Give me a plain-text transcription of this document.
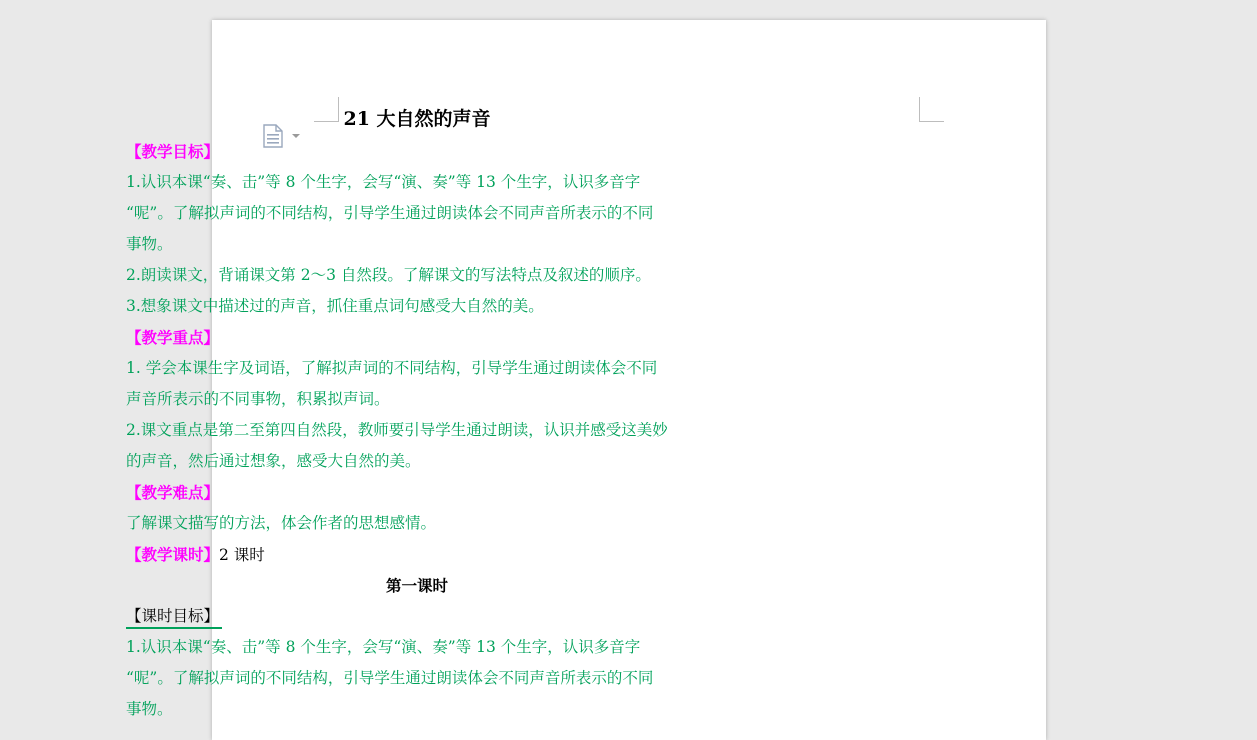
21 大自然的声音
【教学目标】
1.认识本课“奏、击”等 8 个生字，会写“演、奏”等 13 个生字，认识多音字
“呢”。了解拟声词的不同结构，引导学生通过朗读体会不同声音所表示的不同
事物。
2.朗读课文，背诵课文第 2～3 自然段。了解课文的写法特点及叙述的顺序。
3.想象课文中描述过的声音，抓住重点词句感受大自然的美。
【教学重点】
1. 学会本课生字及词语，了解拟声词的不同结构，引导学生通过朗读体会不同
声音所表示的不同事物，积累拟声词。
2.课文重点是第二至第四自然段，教师要引导学生通过朗读，认识并感受这美妙
的声音，然后通过想象，感受大自然的美。
【教学难点】
了解课文描写的方法，体会作者的思想感情。
【教学课时】2 课时
第一课时
【课时目标】
1.认识本课“奏、击”等 8 个生字，会写“演、奏”等 13 个生字，认识多音字
“呢”。了解拟声词的不同结构，引导学生通过朗读体会不同声音所表示的不同
事物。
